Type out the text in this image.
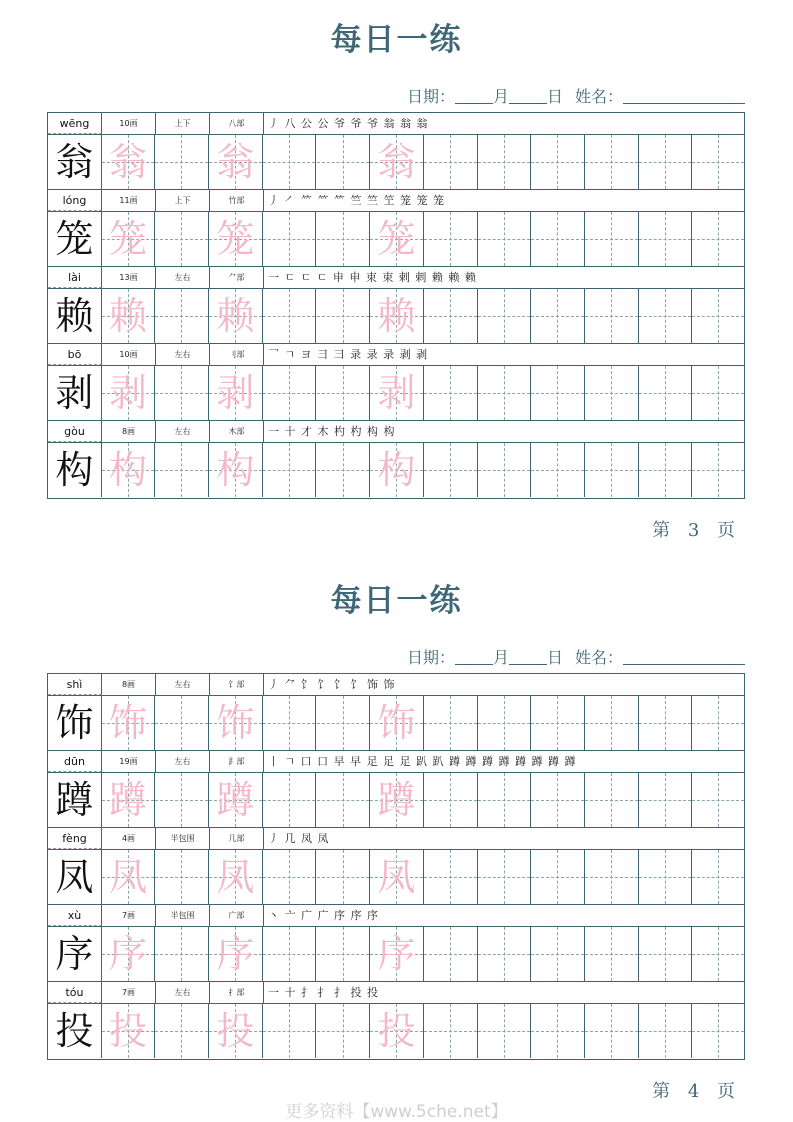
每日一练
日期： 月 日 姓名：
wēng	10画	上下	八部	丿 八 公 公 爷 爷 爷 翁 翁 翁
翁 翁 翁	翁
lóng	11画	上下	竹部	丿 ㇒ ⺮ ⺮ ⺮ 竺 竺 笁 笼 笼 笼
笼 笼 笼	笼
lài	13画	左右	⺈部	一 ㄷ ㄷ ㄷ 申 申 束 束 剌 剌 赖 赖 赖
赖 赖 赖	赖
bō	10画	左右	刂部	乛 ㄱ ヨ 彐 彐 录 录 录 剥 剥
剥 剥 剥	剥
gòu	8画	左右	木部	一 十 才 木 杓 杓 构 构
构 构 构	构
第 3 页
每日一练
日期： 月 日 姓名：
shì	8画	左右	饣部	丿 ⺈ 饣 饣 饣 饣 饰 饰
饰 饰 饰	饰
dūn	19画	左右	⻊部	丨 ㄱ 口 口 早 早 足 足 足 趴 趴 蹲 蹲 蹲 蹲 蹲 蹲 蹲 蹲
蹲 蹲 蹲	蹲
fèng	4画	半包围	几部	丿 几 凤 凤
凤 凤 凤	凤
xù	7画	半包围	广部	丶 亠 广 广 序 序 序
序 序 序	序
tóu	7画	左右	扌部	一 十 扌 扌 扌 投 投
投 投 投	投
第 4 页
更多资料【www.5che.net】
